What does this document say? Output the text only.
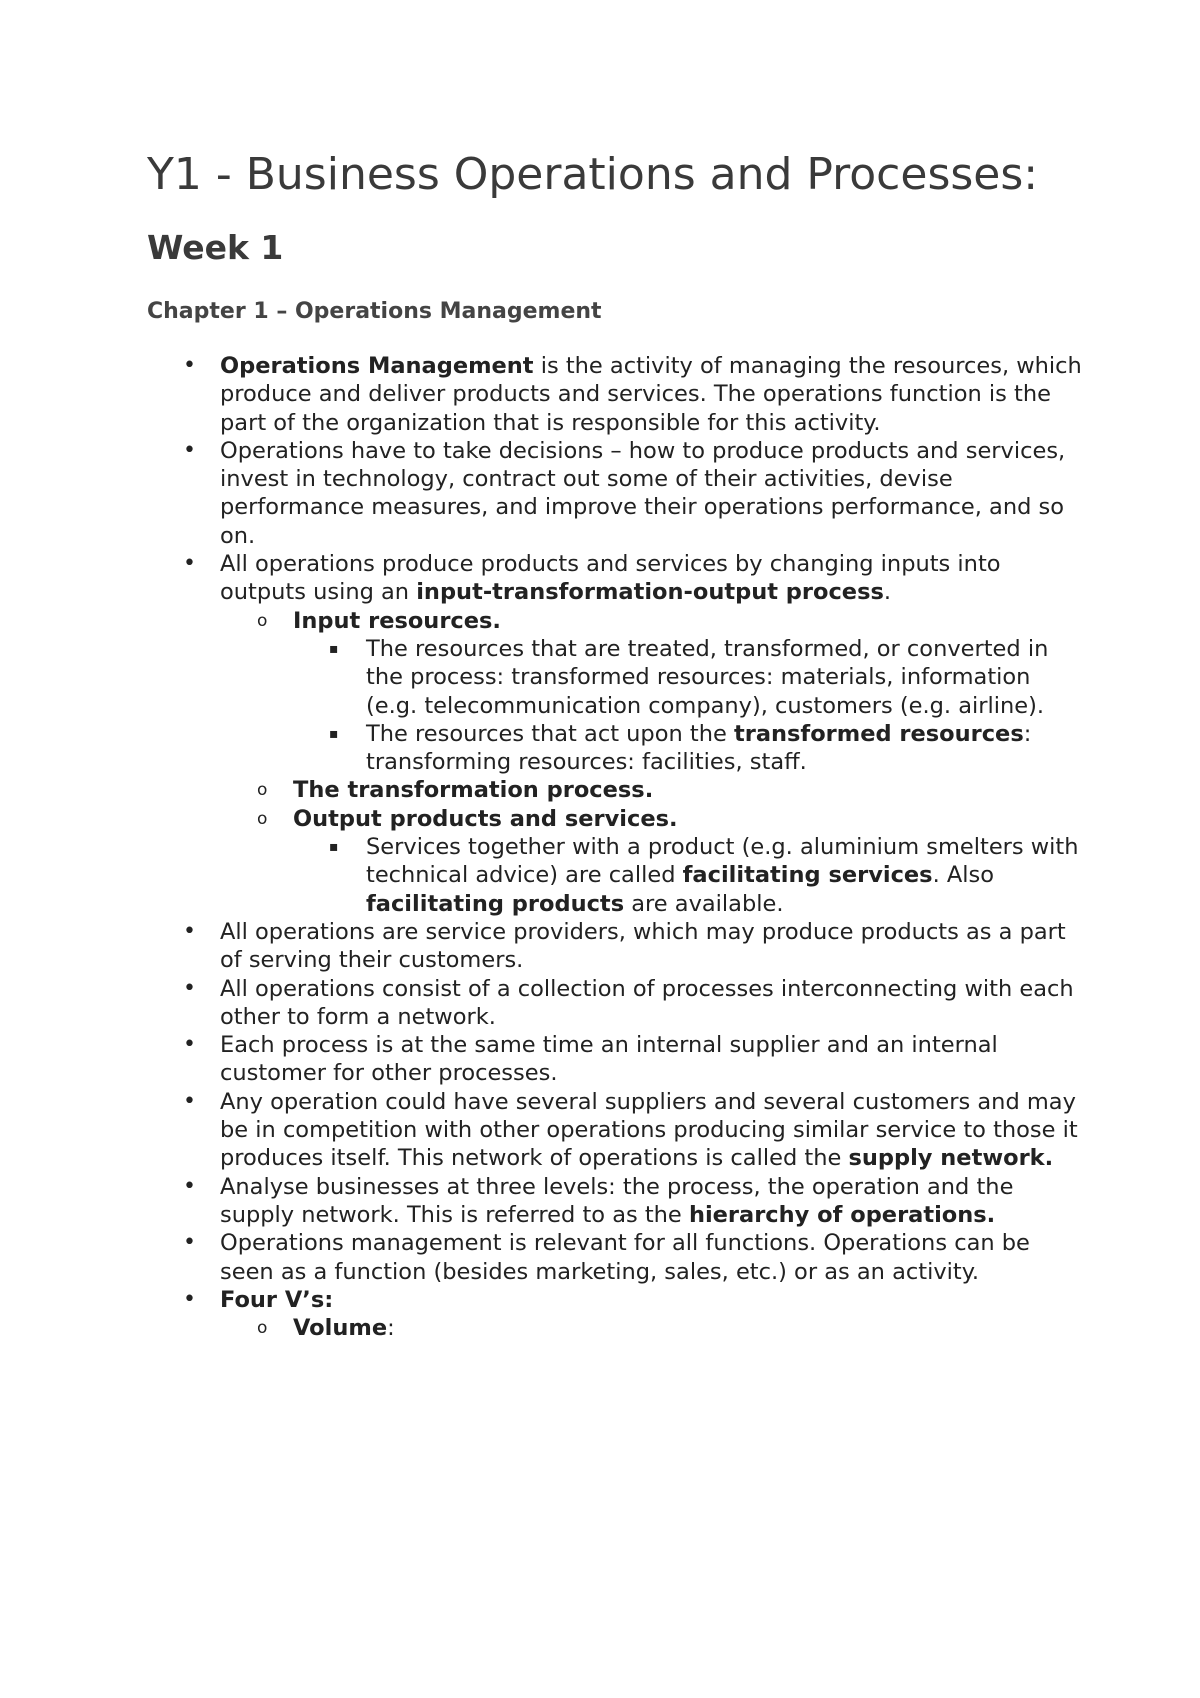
Y1 - Business Operations and Processes:
Week 1
Chapter 1 – Operations Management
• Operations Management is the activity of managing the resources, which produce and deliver products and services. The operations function is the part of the organization that is responsible for this activity.
• Operations have to take decisions – how to produce products and services, invest in technology, contract out some of their activities, devise performance measures, and improve their operations performance, and so on.
• All operations produce products and services by changing inputs into outputs using an input-transformation-output process.
o Input resources.
▪ The resources that are treated, transformed, or converted in the process: transformed resources: materials, information (e.g. telecommunication company), customers (e.g. airline).
▪ The resources that act upon the transformed resources: transforming resources: facilities, staff.
o The transformation process.
o Output products and services.
▪ Services together with a product (e.g. aluminium smelters with technical advice) are called facilitating services. Also facilitating products are available.
• All operations are service providers, which may produce products as a part of serving their customers.
• All operations consist of a collection of processes interconnecting with each other to form a network.
• Each process is at the same time an internal supplier and an internal customer for other processes.
• Any operation could have several suppliers and several customers and may be in competition with other operations producing similar service to those it produces itself. This network of operations is called the supply network.
• Analyse businesses at three levels: the process, the operation and the supply network. This is referred to as the hierarchy of operations.
• Operations management is relevant for all functions. Operations can be seen as a function (besides marketing, sales, etc.) or as an activity.
• Four V’s:
o Volume:
